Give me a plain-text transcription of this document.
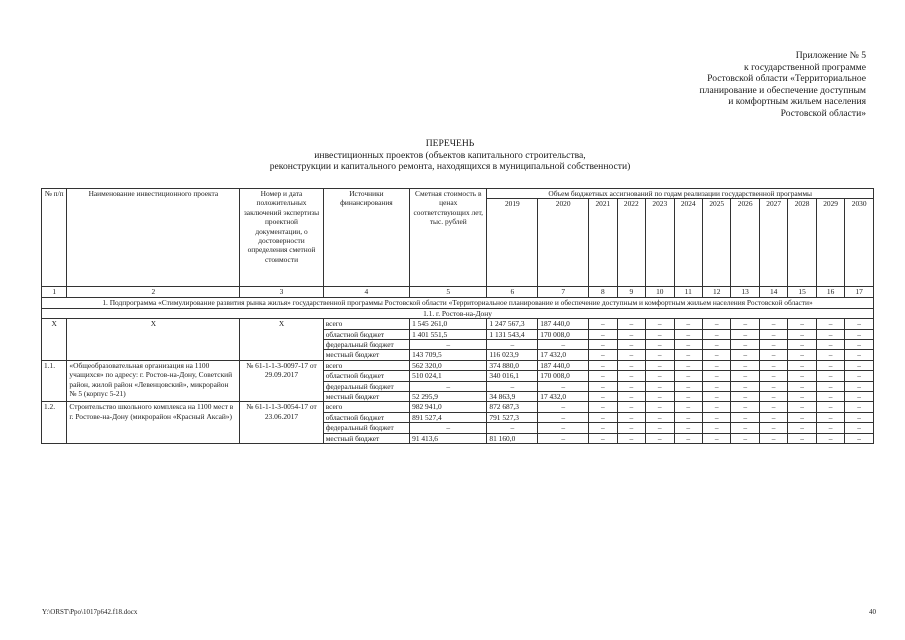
Приложение № 5
к государственной программе
Ростовской области «Территориальное
планирование и обеспечение доступным
и комфортным жильем населения
Ростовской области»
ПЕРЕЧЕНЬ
инвестиционных проектов (объектов капитального строительства,
реконструкции и капитального ремонта, находящихся в муниципальной собственности)
№ п/п	Наименование инвестиционного проекта	Номер и дата положительных заключений экспертизы проектной документации, о достоверности определения сметной стоимости	Источники финансирования	Сметная стоимость в ценах соответствующих лет, тыс. рублей	Объем бюджетных ассигнований по годам реализации государственной программы											
					2019	2020	2021	2022	2023	2024	2025	2026	2027	2028	2029	2030
1	2	3	4	5	6	7	8	9	10	11	12	13	14	15	16	17
1. Подпрограмма «Стимулирование развития рынка жилья» государственной программы Ростовской области «Территориальное планирование и обеспечение доступным и комфортным жильем населения Ростовской области»																
1.1. г. Ростов-на-Дону																
Х	Х	Х	всего	1 545 261,0	1 247 567,3	187 440,0	–	–	–	–	–	–	–	–	–	–
			областной бюджет	1 401 551,5	1 131 543,4	170 008,0	–	–	–	–	–	–	–	–	–	–
			федеральный бюджет	–	–	–	–	–	–	–	–	–	–	–	–	–
			местный бюджет	143 709,5	116 023,9	17 432,0	–	–	–	–	–	–	–	–	–	–
1.1.	«Общеобразовательная организация на 1100 учащихся» по адресу: г. Ростов-на-Дону, Советский район, жилой район «Левенцовский», микрорайон № 5 (корпус 5-21)	№ 61-1-1-3-0097-17 от 29.09.2017	всего	562 320,0	374 880,0	187 440,0	–	–	–	–	–	–	–	–	–	–
			областной бюджет	510 024,1	340 016,1	170 008,0	–	–	–	–	–	–	–	–	–	–
			федеральный бюджет	–	–	–	–	–	–	–	–	–	–	–	–	–
			местный бюджет	52 295,9	34 863,9	17 432,0	–	–	–	–	–	–	–	–	–	–
1.2.	Строительство школьного комплекса на 1100 мест в г. Ростове-на-Дону (микрорайон «Красный Аксай»)	№ 61-1-1-3-0054-17 от 23.06.2017	всего	982 941,0	872 687,3	–	–	–	–	–	–	–	–	–	–	–
			областной бюджет	891 527,4	791 527,3	–	–	–	–	–	–	–	–	–	–	–
			федеральный бюджет	–	–	–	–	–	–	–	–	–	–	–	–	–
			местный бюджет	91 413,6	81 160,0	–	–	–	–	–	–	–	–	–	–	–
Y:\ORST\Ppo\1017p642.f18.docx	40
